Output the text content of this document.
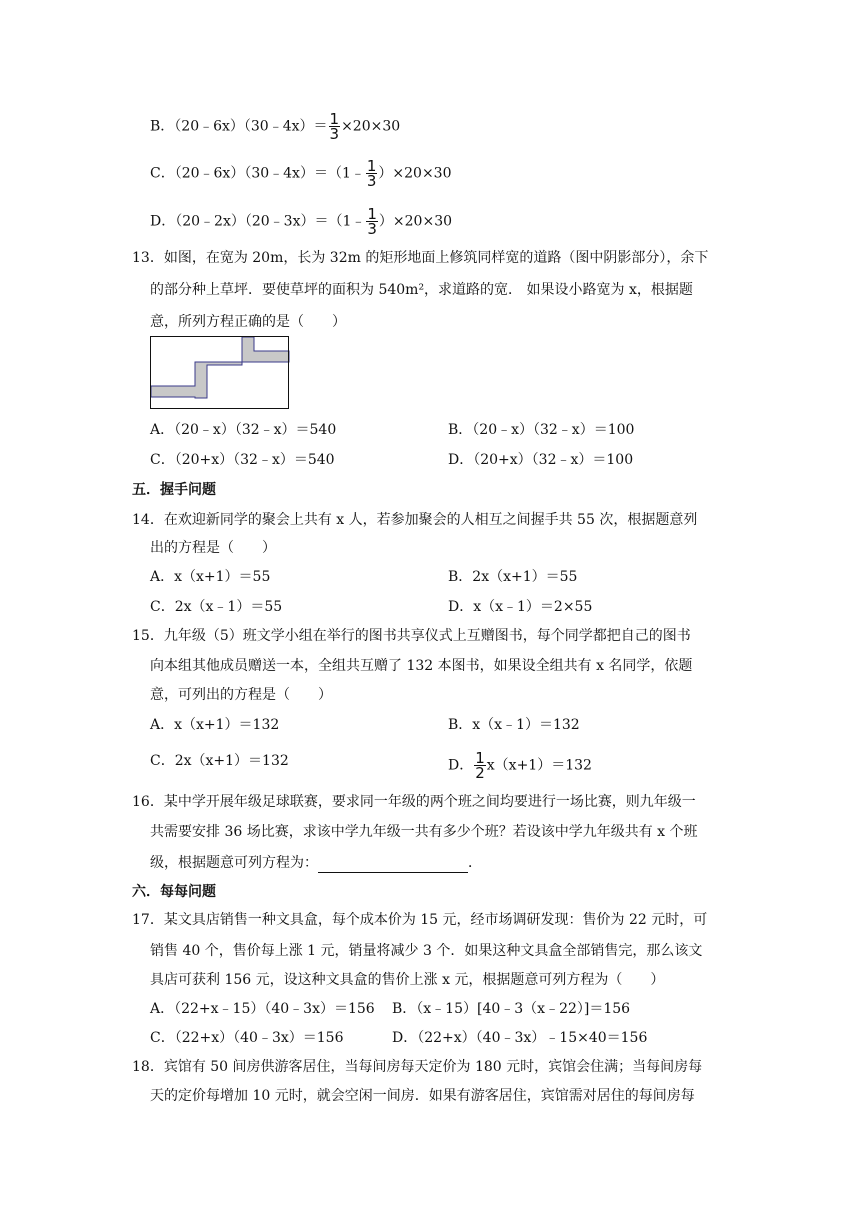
B．（20﹣6x）（30﹣4x）＝ $\frac{1}{3} \times 20\times 30$
C．（20﹣6x）（30﹣4x）＝（1﹣ $\frac{1}{3} )\times 20\times 30$
D．（20﹣2x）（20﹣3x）＝（1﹣ $\frac{1}{3} )\times 20\times 30$
13．如图，在宽为 20m，长为 32m 的矩形地面上修筑同样宽的道路（图中阴影部分），余下
的部分种上草坪．要使草坪的面积为 540m²，求道路的宽． 如果设小路宽为 x，根据题
意，所列方程正确的是（　　）
A．（20﹣x）（32﹣x）＝540	B．（20﹣x）（32﹣x）＝100
C．（20+x）（32﹣x）＝540	D．（20+x）（32﹣x）＝100
五．握手问题
14．在欢迎新同学的聚会上共有 x 人，若参加聚会的人相互之间握手共 55 次，根据题意列
出的方程是（　　）
A．x（x+1）＝55	B．2x（x+1）＝55
C．2x（x﹣1）＝55	D．x（x﹣1）＝2×55
15．九年级（5）班文学小组在举行的图书共享仪式上互赠图书，每个同学都把自己的图书
向本组其他成员赠送一本，全组共互赠了 132 本图书，如果设全组共有 x 名同学，依题
意，可列出的方程是（　　）
A．x（x+1）＝132	B．x（x﹣1）＝132
C．2x（x+1）＝132	D． $\frac{1}{2} x(x+1)=132$
16．某中学开展年级足球联赛，要求同一年级的两个班之间均要进行一场比赛，则九年级一
共需要安排 36 场比赛，求该中学九年级一共有多少个班？若设该中学九年级共有 x 个班
级，根据题意可列方程为：	．
六．每每问题
17．某文具店销售一种文具盒，每个成本价为 15 元，经市场调研发现：售价为 22 元时，可
销售 40 个，售价每上涨 1 元，销量将减少 3 个．如果这种文具盒全部销售完，那么该文
具店可获利 156 元，设这种文具盒的售价上涨 x 元，根据题意可列方程为（　　）
A．（22+x﹣15）（40﹣3x）＝156 B．（x﹣15）[40﹣3（x﹣22）]＝156
C．（22+x）（40﹣3x）＝156	D．（22+x）（40﹣3x）﹣15×40＝156
18．宾馆有 50 间房供游客居住，当每间房每天定价为 180 元时，宾馆会住满；当每间房每
天的定价每增加 10 元时，就会空闲一间房．如果有游客居住，宾馆需对居住的每间房每
